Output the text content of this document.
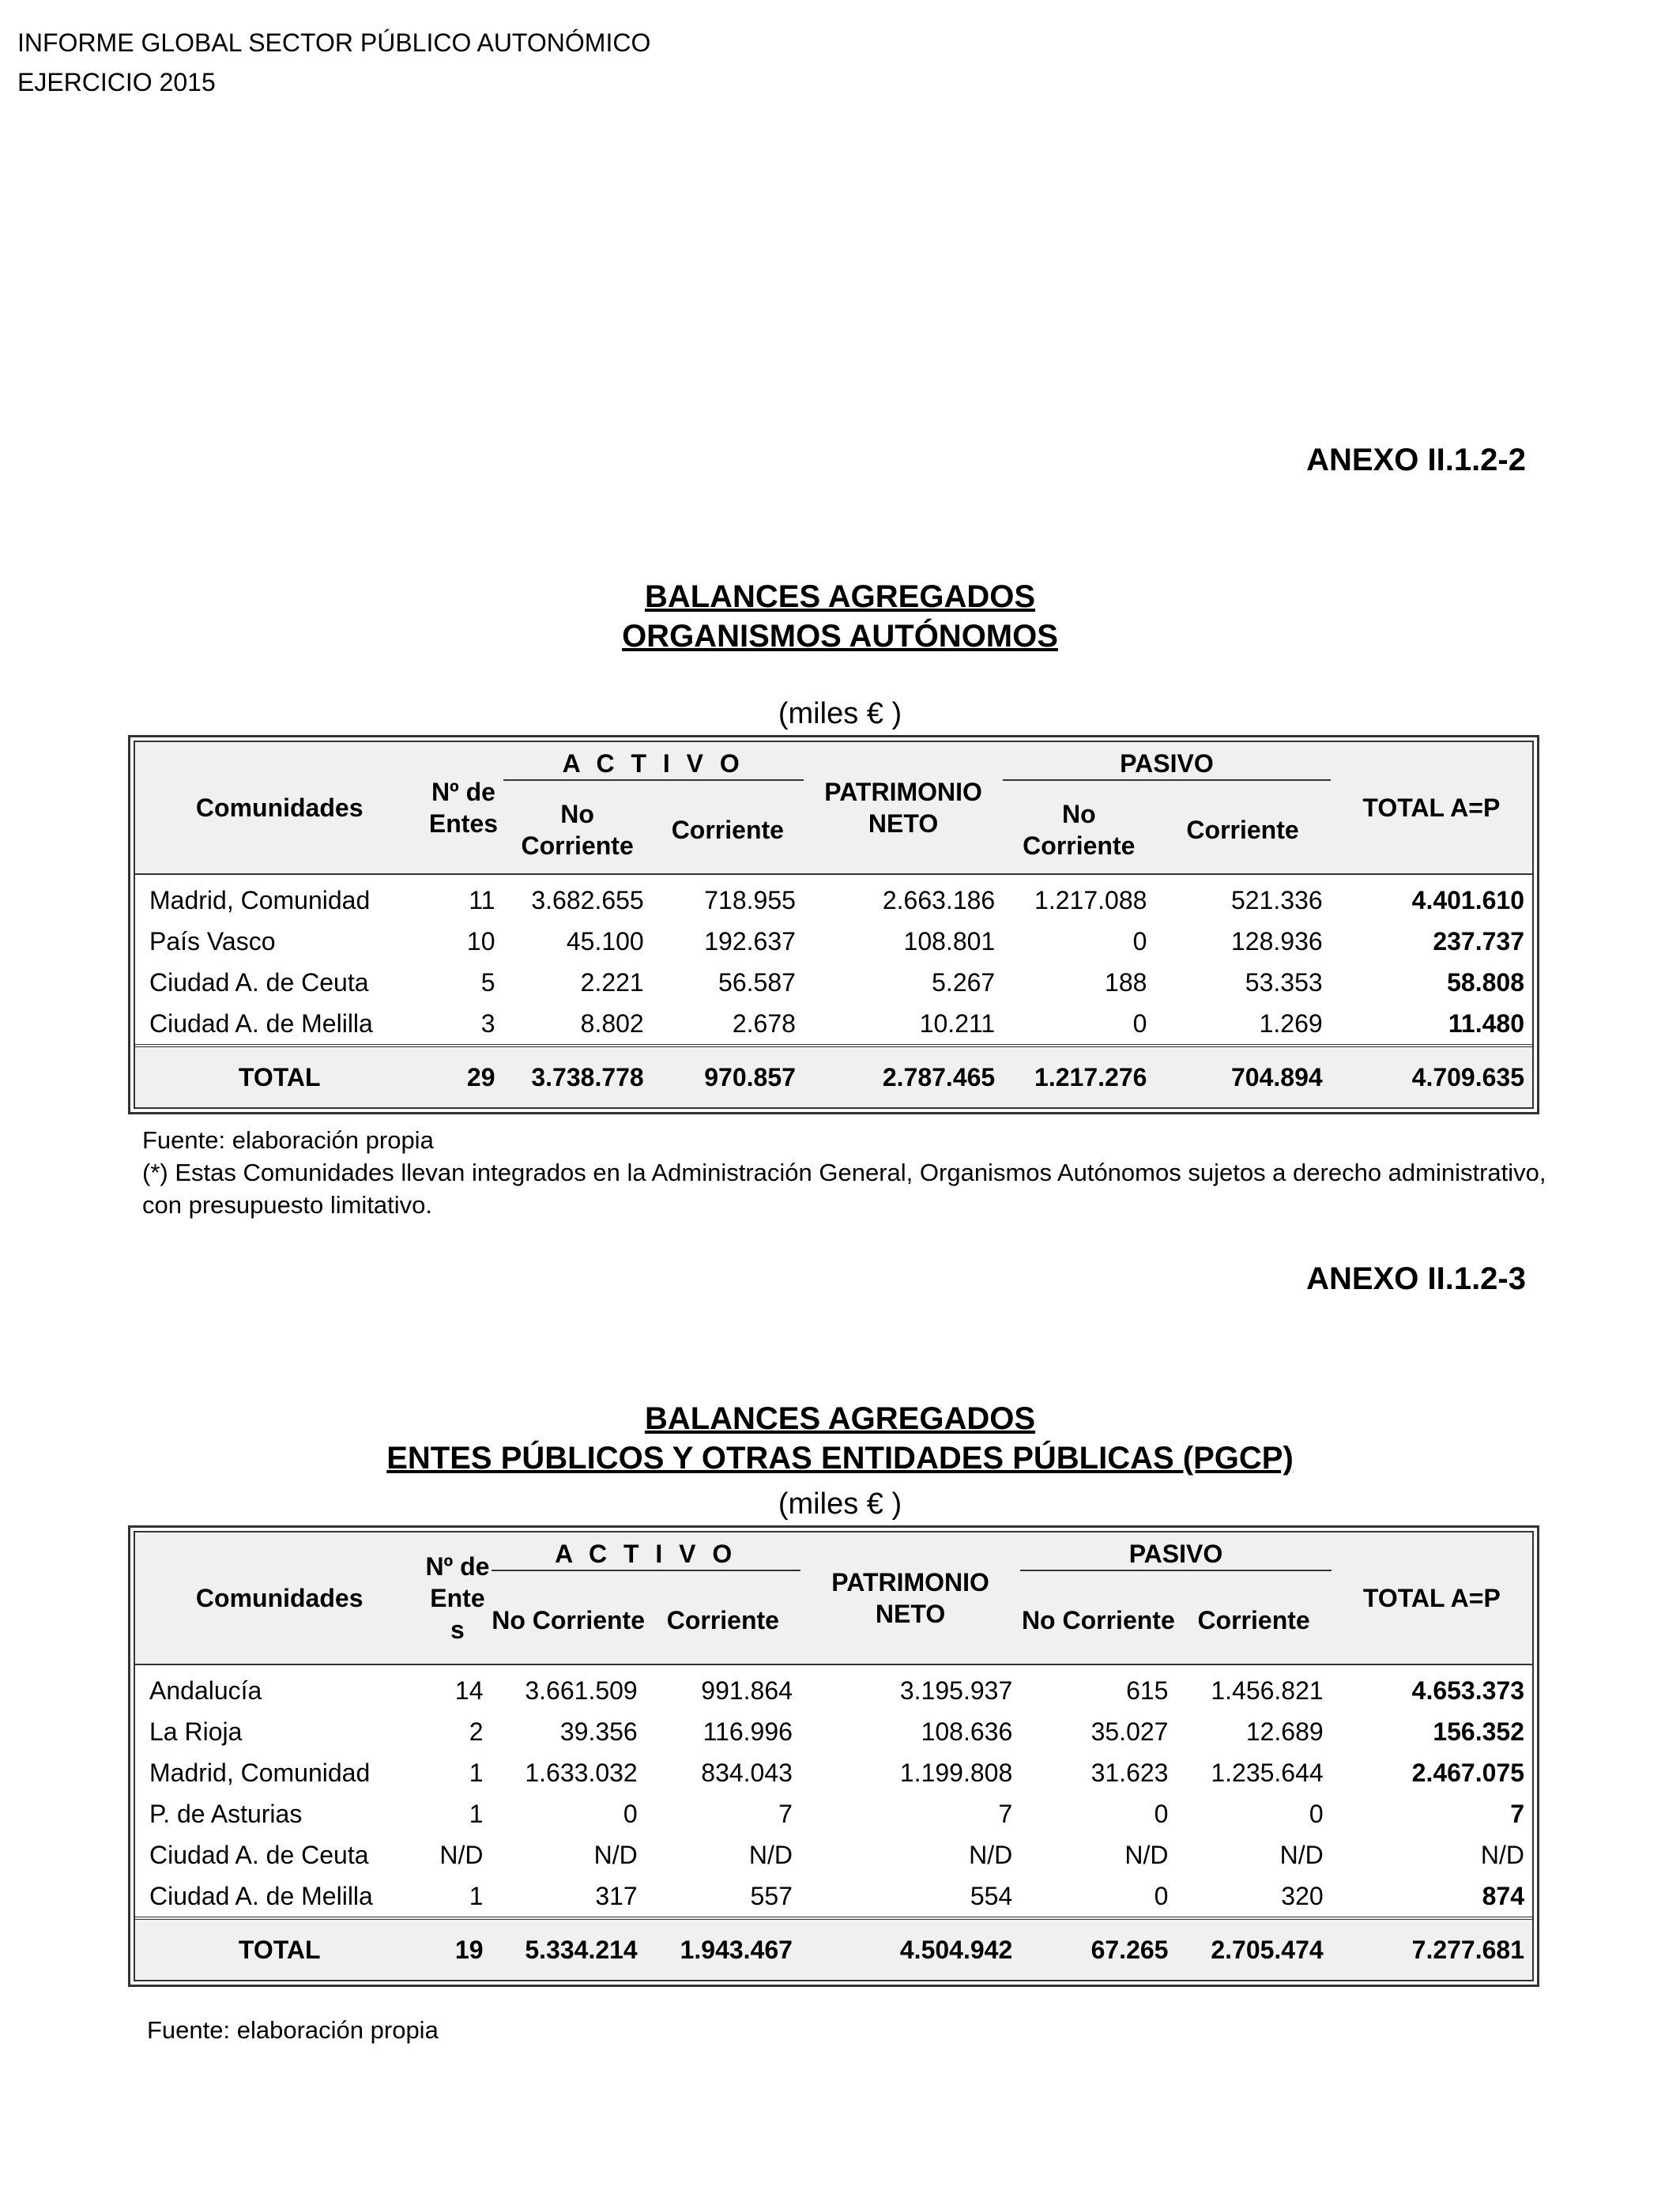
INFORME GLOBAL SECTOR PÚBLICO AUTONÓMICO
EJERCICIO 2015
ANEXO II.1.2-2
BALANCES AGREGADOS
ORGANISMOS AUTÓNOMOS
(miles € )
Comunidades	Nº de Entes	A C T I V O		PATRIMONIO NETO	PASIVO		TOTAL A=P
		No Corriente	Corriente		No Corriente	Corriente	
Madrid, Comunidad	11	3.682.655	718.955	2.663.186	1.217.088	521.336	4.401.610
País Vasco	10	45.100	192.637	108.801	0	128.936	237.737
Ciudad A. de Ceuta	5	2.221	56.587	5.267	188	53.353	58.808
Ciudad A. de Melilla	3	8.802	2.678	10.211	0	1.269	11.480
TOTAL	29	3.738.778	970.857	2.787.465	1.217.276	704.894	4.709.635
Fuente: elaboración propia
(*) Estas Comunidades llevan integrados en la Administración General, Organismos Autónomos sujetos a derecho administrativo, con presupuesto limitativo.
ANEXO II.1.2-3
BALANCES AGREGADOS
ENTES PÚBLICOS Y OTRAS ENTIDADES PÚBLICAS (PGCP)
(miles € )
Comunidades	Nº de Ente s	A C T I V O		PATRIMONIO NETO	PASIVO		TOTAL A=P
		No Corriente	Corriente		No Corriente	Corriente	
Andalucía	14	3.661.509	991.864	3.195.937	615	1.456.821	4.653.373
La Rioja	2	39.356	116.996	108.636	35.027	12.689	156.352
Madrid, Comunidad	1	1.633.032	834.043	1.199.808	31.623	1.235.644	2.467.075
P. de Asturias	1	0	7	7	0	0	7
Ciudad A. de Ceuta	N/D	N/D	N/D	N/D	N/D	N/D	N/D
Ciudad A. de Melilla	1	317	557	554	0	320	874
TOTAL	19	5.334.214	1.943.467	4.504.942	67.265	2.705.474	7.277.681
Fuente: elaboración propia
